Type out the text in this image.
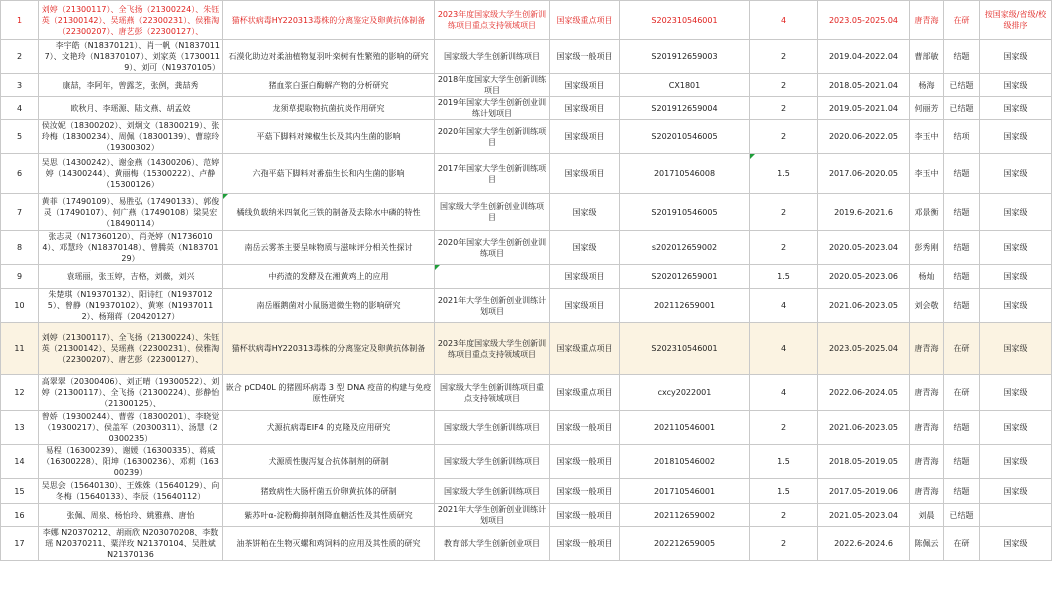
1	刘婷（21300117）、全飞扬（21300224）、朱钰英（21300142）、吴瑶燕（22300231）、侯雅淘（22300207）、唐艺彭（22300127）、	猫杯状病毒HY220313毒株的分离鉴定及卵黄抗体制备	2023年度国家级大学生创新训练项目重点支持领域项目	国家级重点项目	S202310546001	4	2023.05-2025.04	唐青海	在研	按国家级/省级/校级排序
2	李宇皓（N18370121）、肖一帆（N18370117）、文艳玲（N18370107）、刘家英（17300119）、刘可（N19370105）	石漠化助边对柔油植物复羽叶栾树有性繁殖的影响的研究	国家级大学生创新训练项目	国家级一般项目	S201912659003	2	2019.04-2022.04	曹部敏	结题	国家级
3	康喆，李阿年，曾露芝，张例，龚喆秀	猪血浆白蛋白酶解产物的分析研究	2018年度国家大学生创新训练项目	国家级项目	CX1801	2	2018.05-2021.04	杨海	已结题	国家级
4	欧秋月、李瑶源、陆文燕、胡孟姣	龙须草提取物抗菌抗炎作用研究	2019年国家大学生创新创业训练计划项目	国家级项目	S201912659004	2	2019.05-2021.04	何丽芳	已结题	国家级
5	侯汝妮（18300202）、刘炯文（18300219）、张玲梅（18300234）、周佩（18300139）、曹琼玲（19300302）	平菇下脚料对辣椒生长及其内生菌的影响	2020年国家大学生创新训练项目	国家级项目	S202010546005	2	2020.06-2022.05	李玉中	结项	国家级
6	吴思（14300242）、谢金燕（14300206）、范婷婷（14300244）、黄丽梅（15300222）、卢静（15300126）	六孢平菇下脚料对番茄生长和内生菌的影响	2017年国家大学生创新训练项目	国家级项目	201710546008	1.5	2017.06-2020.05	李玉中	结题	国家级
7	黄菲（17490109）、易胜弘（17490133）、郭俊灵（17490107）、何广燕（17490108）梁昊宏（18490114）	橘线负载纳米四氧化三铁的制备及去除水中磷的特性	国家级大学生创新创业训练项目	国家级	S201910546005	2	2019.6-2021.6	邓景衡	结题	国家级
8	张志灵（N17360120）、肖尧婷（N17360104）、邓慧玲（N18370148）、曾腾英（N18370129）	南岳云雾茶主要呈味物质与滋味评分相关性探讨	2020年国家大学生创新创业训练项目	国家级	s202012659002	2	2020.05-2023.04	彭秀刚	结题	国家级
9	袁瑶丽，张玉婷，吉格，刘薇，刘兴	中药渣的发酵及在湘黄鸡上的应用		国家级项目	S202012659001	1.5	2020.05-2023.06	杨灿	结题	国家级
10	朱楚琪（N19370132）、阳诗红（N19370125）、曾静（N19370102）、黄寒（N19370112）、杨翔蒋（20420127）	南岳雁鹅菌对小鼠肠道微生物的影响研究	2021年大学生创新创业训练计划项目	国家级项目	202112659001	4	2021.06-2023.05	刘会敬	结题	国家级
11	刘婷（21300117）、全飞扬（21300224）、朱钰英（21300142）、吴瑶燕（22300231）、侯雅淘（22300207）、唐艺彭（22300127）、	猫杯状病毒HY220313毒株的分离鉴定及卵黄抗体制备	2023年度国家级大学生创新训练项目重点支持领域项目	国家级重点项目	S202310546001	4	2023.05-2025.04	唐青海	在研	国家级
12	高翠翠（20300406）、刘正晴（19300522）、刘婷（21300117）、全飞扬（21300224）、彭静怡（21300125）、	嵌合 pCD40L 的猪圆环病毒 3 型 DNA 疫苗的构建与免疫原性研究	国家级大学生创新训练项目重点支持领域项目	国家级重点项目	cxcy2022001	4	2022.06-2024.05	唐青海	在研	国家级
13	曾娇（19300244）、曹蓉（18300201）、李晓觉（19300217）、侯盖军（20300311）、汤慧（20300235）	犬源抗病毒EIF4 的克隆及应用研究	国家级大学生创新训练项目	国家级一般项目	202110546001	2	2021.06-2023.05	唐青海	结题	国家级
14	易程（16300239）、谢媛（16300335）、蒋威（16300228）、阳坤（16300236）、邓莉（16300239）	犬源质性腹泻复合抗体制剂的研制	国家级大学生创新训练项目	国家级一般项目	201810546002	1.5	2018.05-2019.05	唐青海	结题	国家级
15	吴思会（15640130）、王姝姝（15640129）、向冬梅（15640133）、李辰（15640112）	猪致病性大肠杆菌五价卵黄抗体的研制	国家级大学生创新训练项目	国家级一般项目	201710546001	1.5	2017.05-2019.06	唐青海	结题	国家级
16	张佩、周泉、杨怡玲、姚雅燕、唐怡	紫苏叶α-淀粉酶抑制剂降血糖活性及其性质研究	2021年大学生创新创业训练计划项目	国家级一般项目	202112659002	2	2021.05-2023.04	刘晨	已结题	
17	李娜 N20370212、胡雨欣 N203070208、李数瑶 N20370211、粟洋玫 N21370104、吴胜斌 N21370136	油茶饼粕在生物灭螺和鸡饲料的应用及其性质的研究	教育部大学生创新创业项目	国家级一般项目	202212659005	2	2022.6-2024.6	陈佩云	在研	国家级
